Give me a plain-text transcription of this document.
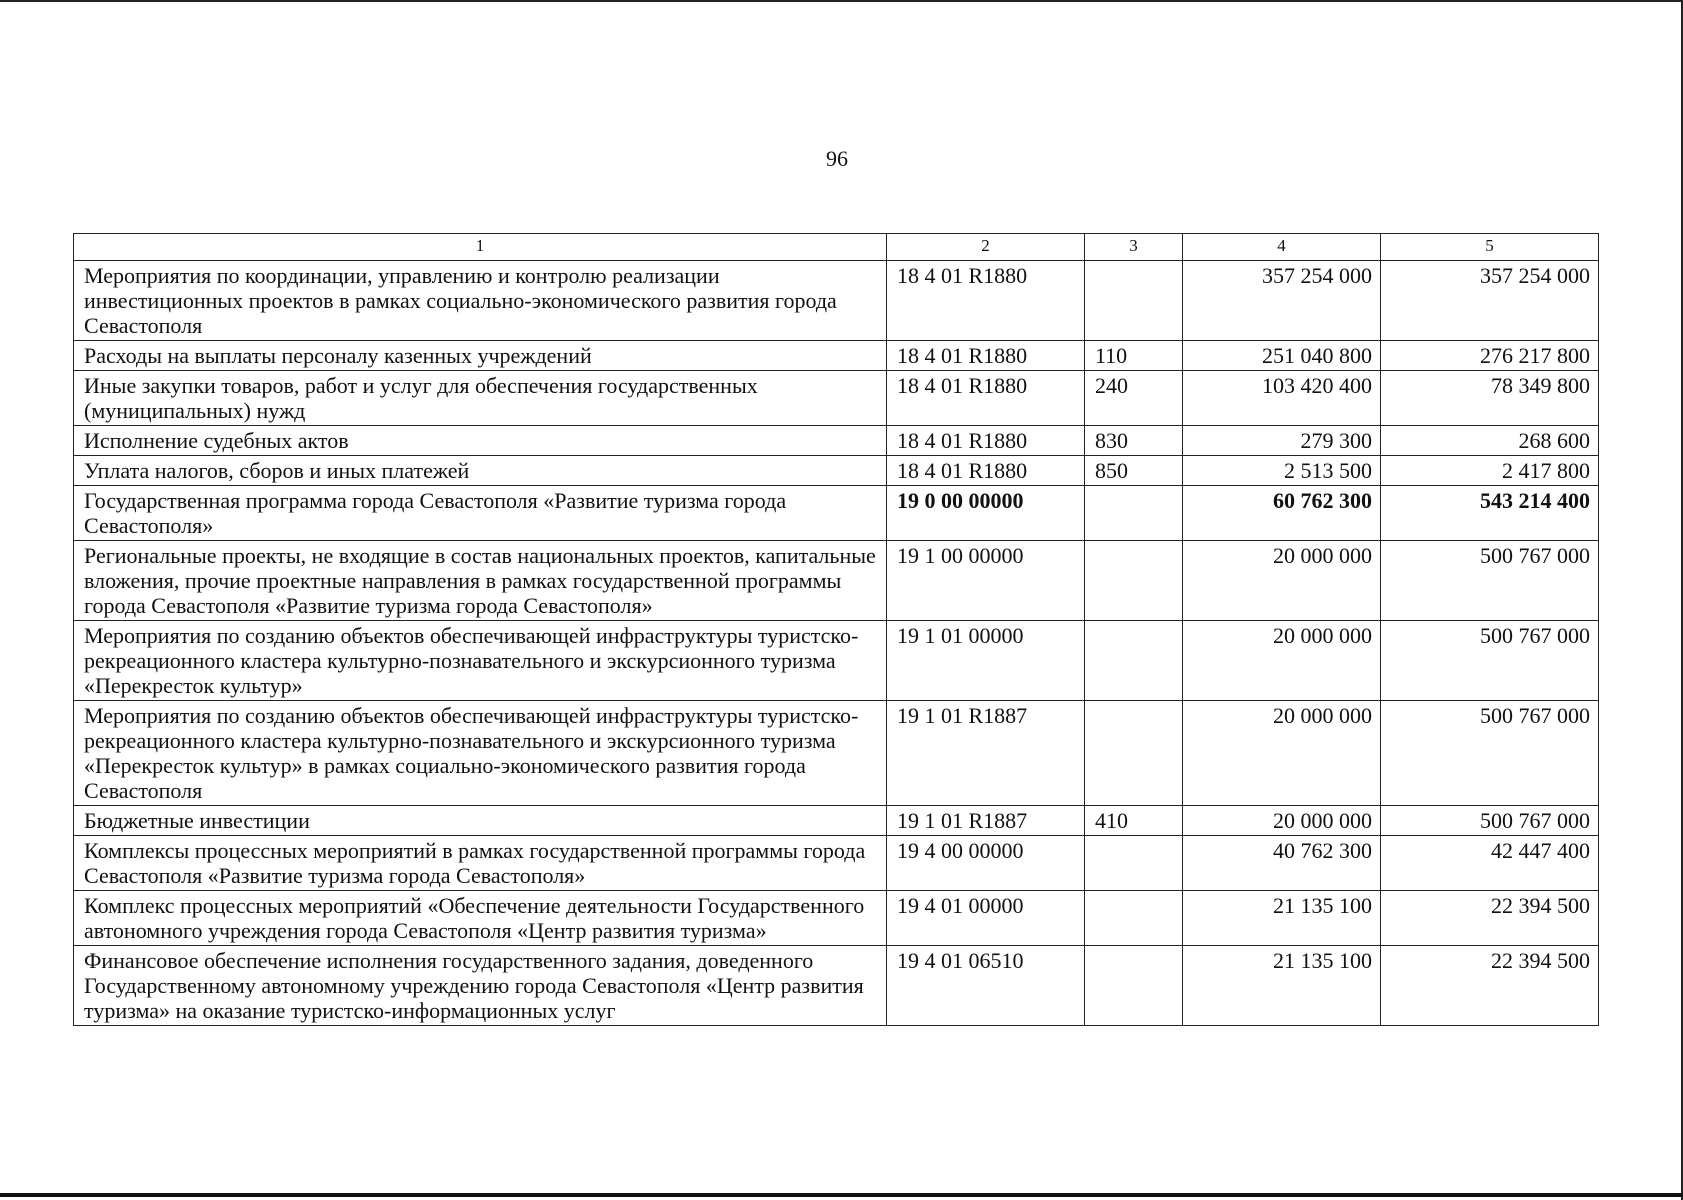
96
1	2	3	4	5
Мероприятия по координации, управлению и контролю реализации инвестиционных проектов в рамках социально-экономического развития города Севастополя	18 4 01 R1880		357 254 000	357 254 000
Расходы на выплаты персоналу казенных учреждений	18 4 01 R1880	110	251 040 800	276 217 800
Иные закупки товаров, работ и услуг для обеспечения государственных (муниципальных) нужд	18 4 01 R1880	240	103 420 400	78 349 800
Исполнение судебных актов	18 4 01 R1880	830	279 300	268 600
Уплата налогов, сборов и иных платежей	18 4 01 R1880	850	2 513 500	2 417 800
Государственная программа города Севастополя «Развитие туризма города Севастополя»	19 0 00 00000		60 762 300	543 214 400
Региональные проекты, не входящие в состав национальных проектов, капитальные вложения, прочие проектные направления в рамках государственной программы города Севастополя «Развитие туризма города Севастополя»	19 1 00 00000		20 000 000	500 767 000
Мероприятия по созданию объектов обеспечивающей инфраструктуры туристско-рекреационного кластера культурно-познавательного и экскурсионного туризма «Перекресток культур»	19 1 01 00000		20 000 000	500 767 000
Мероприятия по созданию объектов обеспечивающей инфраструктуры туристско-рекреационного кластера культурно-познавательного и экскурсионного туризма «Перекресток культур» в рамках социально-экономического развития города Севастополя	19 1 01 R1887		20 000 000	500 767 000
Бюджетные инвестиции	19 1 01 R1887	410	20 000 000	500 767 000
Комплексы процессных мероприятий в рамках государственной программы города Севастополя «Развитие туризма города Севастополя»	19 4 00 00000		40 762 300	42 447 400
Комплекс процессных мероприятий «Обеспечение деятельности Государственного автономного учреждения города Севастополя «Центр развития туризма»	19 4 01 00000		21 135 100	22 394 500
Финансовое обеспечение исполнения государственного задания, доведенного Государственному автономному учреждению города Севастополя «Центр развития туризма» на оказание туристско-информационных услуг	19 4 01 06510		21 135 100	22 394 500
